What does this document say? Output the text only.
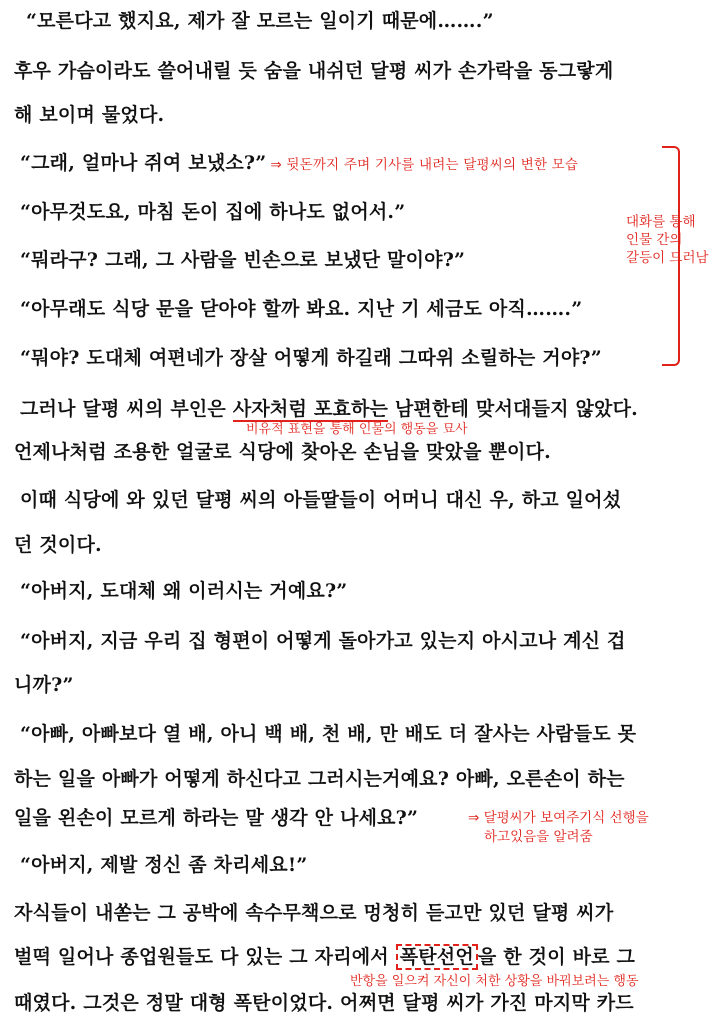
“모른다고 했지요, 제가 잘 모르는 일이기 때문에…….”
후우 가슴이라도 쓸어내릴 듯 숨을 내쉬던 달평 씨가 손가락을 동그랗게
해 보이며 물었다.
“그래, 얼마나 쥐여 보냈소?” ⇒ 뒷돈까지 주며 기사를 내려는 달평씨의 변한 모습
“아무것도요, 마침 돈이 집에 하나도 없어서.”
“뭐라구? 그래, 그 사람을 빈손으로 보냈단 말이야?”
“아무래도 식당 문을 닫아야 할까 봐요. 지난 기 세금도 아직…….”
“뭐야? 도대체 여편네가 장살 어떻게 하길래 그따위 소릴하는 거야?”
대화를 통해
인물 간의
갈등이 드러남
그러나 달평 씨의 부인은 사자처럼 포효하는 남편한테 맞서대들지 않았다.
비유적 표현을 통해 인물의 행동을 묘사
언제나처럼 조용한 얼굴로 식당에 찾아온 손님을 맞았을 뿐이다.
이때 식당에 와 있던 달평 씨의 아들딸들이 어머니 대신 우, 하고 일어섰
던 것이다.
“아버지, 도대체 왜 이러시는 거예요?”
“아버지, 지금 우리 집 형편이 어떻게 돌아가고 있는지 아시고나 계신 겁
니까?”
“아빠, 아빠보다 열 배, 아니 백 배, 천 배, 만 배도 더 잘사는 사람들도 못
하는 일을 아빠가 어떻게 하신다고 그러시는거예요? 아빠, 오른손이 하는
일을 왼손이 모르게 하라는 말 생각 안 나세요?”	⇒ 달평씨가 보여주기식 선행을
하고있음을 알려줌
“아버지, 제발 정신 좀 차리세요!”
자식들이 내쏟는 그 공박에 속수무책으로 멍청히 듣고만 있던 달평 씨가
벌떡 일어나 종업원들도 다 있는 그 자리에서 폭탄선언 을 한 것이 바로 그
반항을 일으켜 자신이 처한 상황을 바꿔보려는 행동
때였다. 그것은 정말 대형 폭탄이었다. 어쩌면 달평 씨가 가진 마지막 카드
